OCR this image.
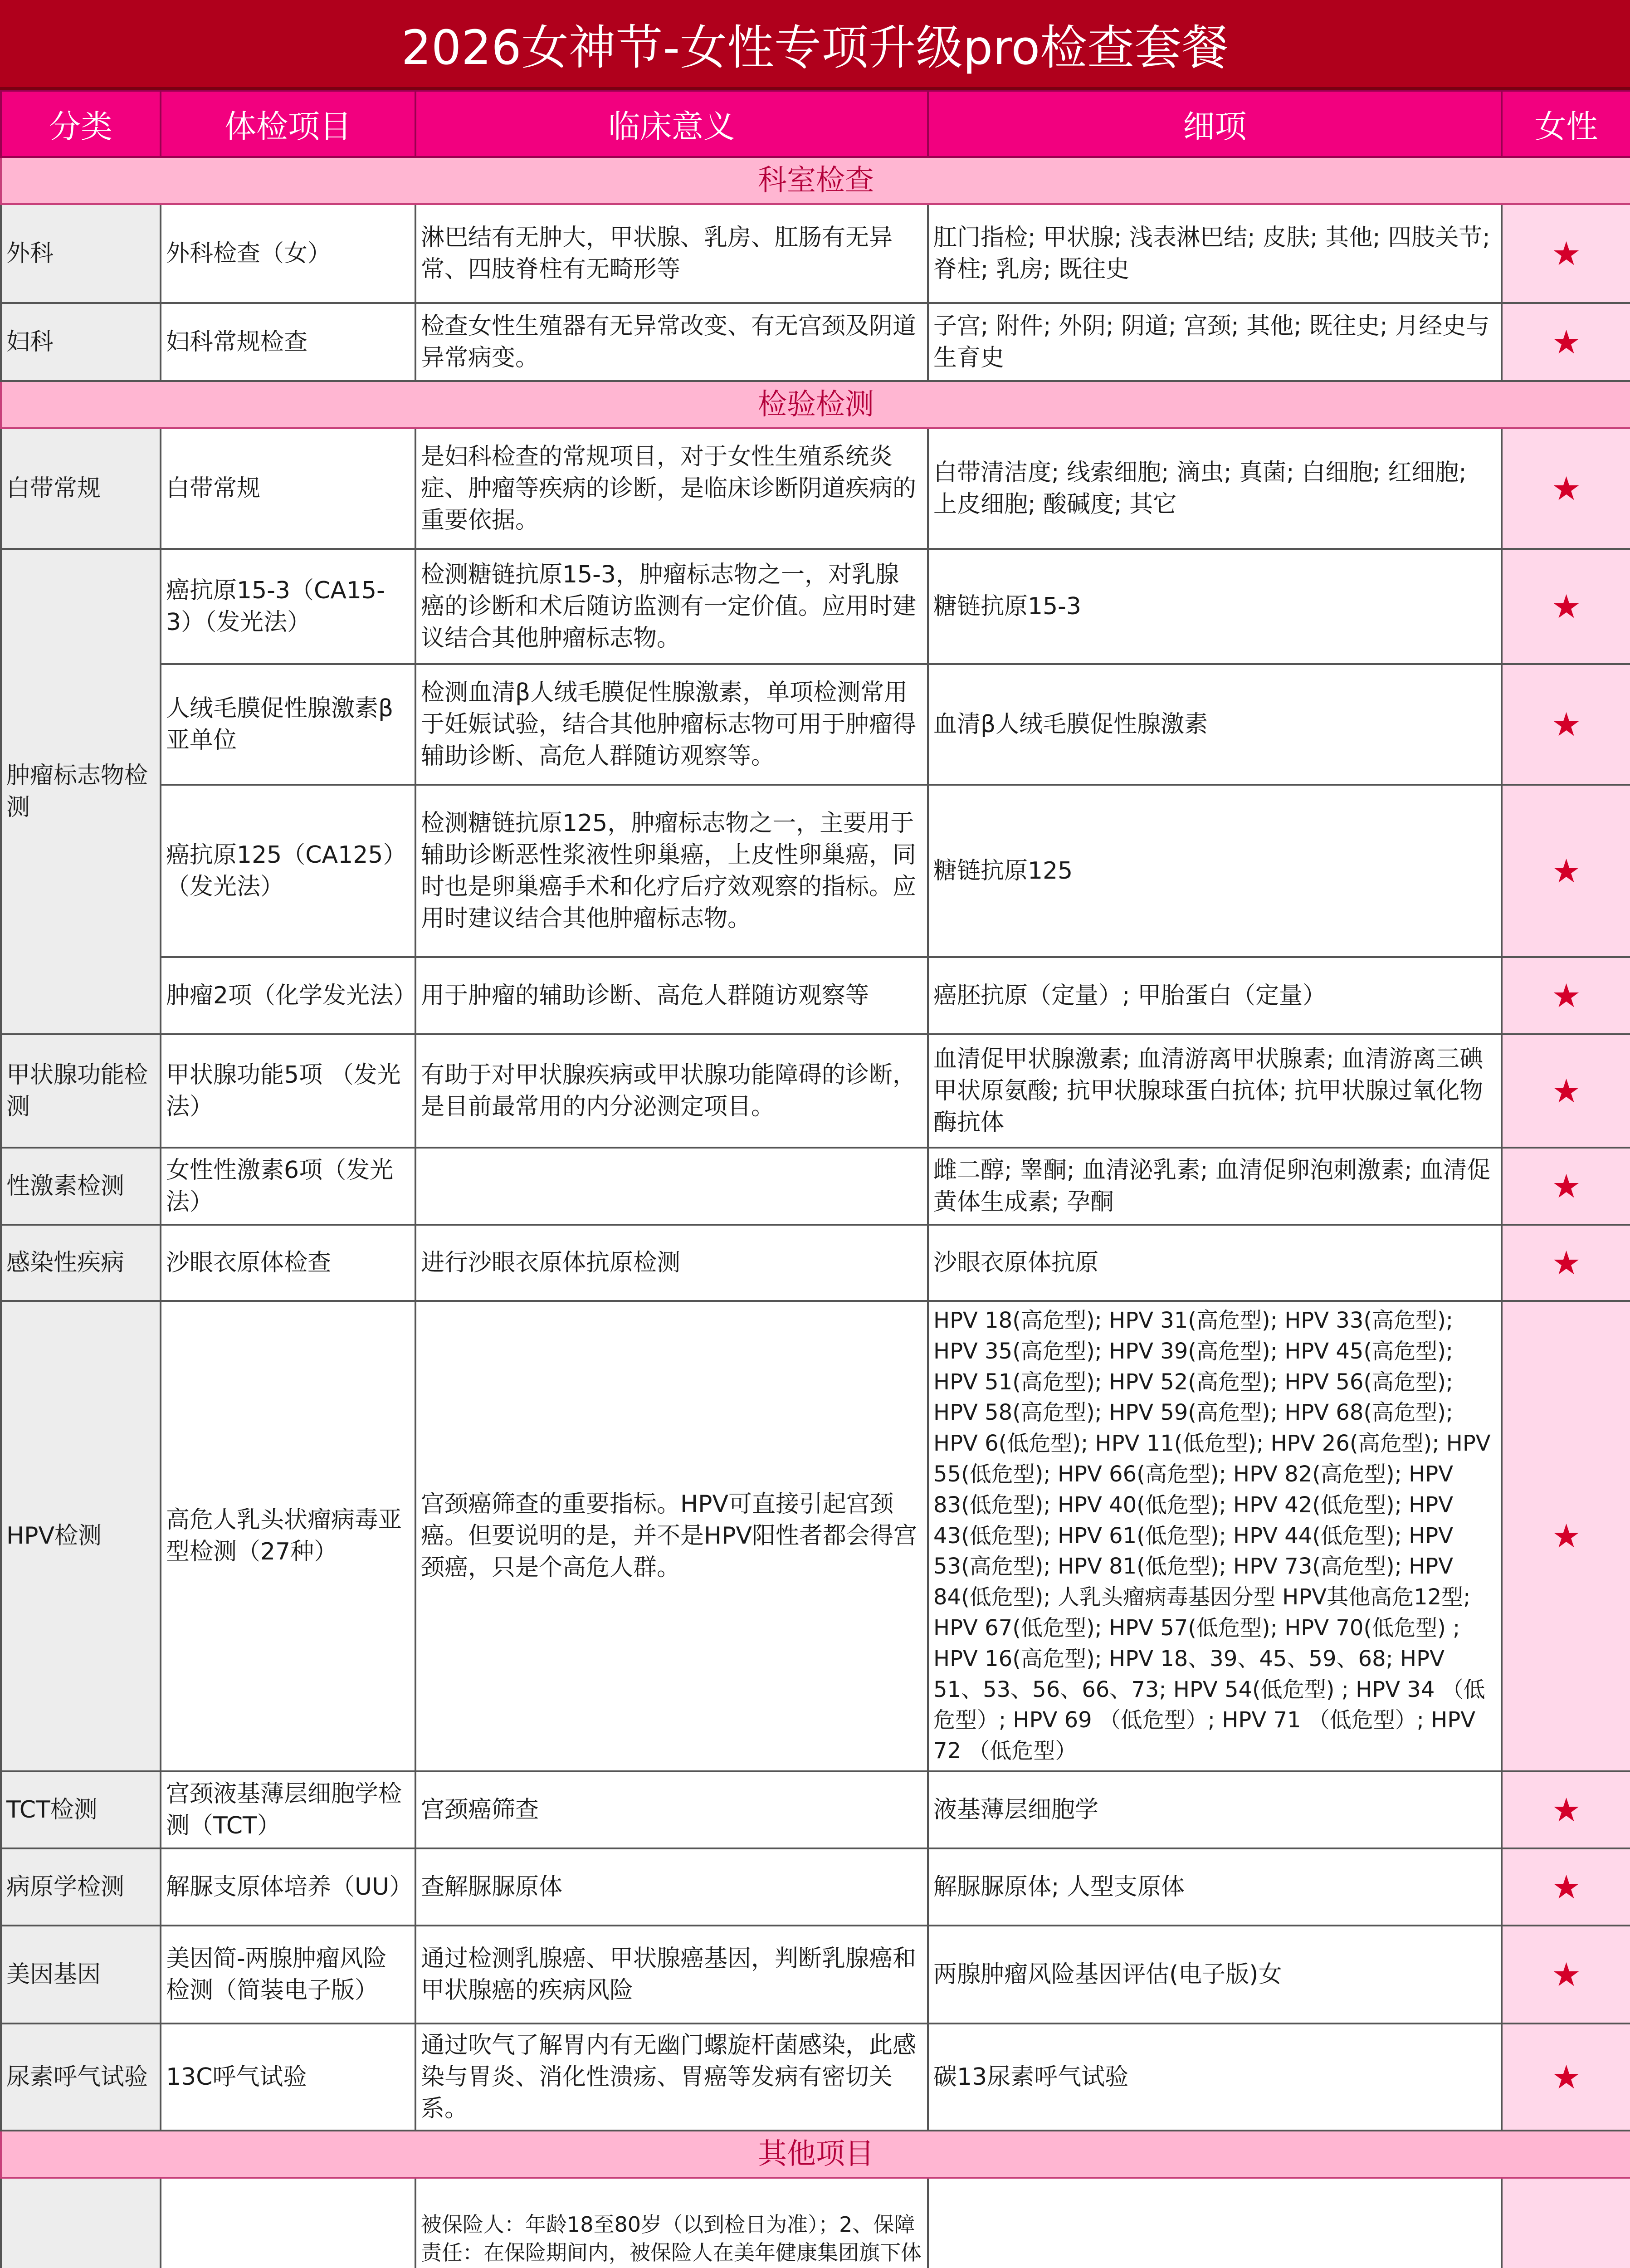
2026女神节-女性专项升级pro检查套餐
分类	体检项目	临床意义	细项	女性
科室检查				
外科	外科检查（女）	淋巴结有无肿大，甲状腺、乳房、肛肠有无异常、四肢脊柱有无畸形等	肛门指检; 甲状腺; 浅表淋巴结; 皮肤; 其他; 四肢关节; 脊柱; 乳房; 既往史	★
妇科	妇科常规检查	检查女性生殖器有无异常改变、有无宫颈及阴道异常病变。	子宫; 附件; 外阴; 阴道; 宫颈; 其他; 既往史; 月经史与生育史	★
检验检测				
白带常规	白带常规	是妇科检查的常规项目，对于女性生殖系统炎症、肿瘤等疾病的诊断，是临床诊断阴道疾病的重要依据。	白带清洁度; 线索细胞; 滴虫; 真菌; 白细胞; 红细胞; 上皮细胞; 酸碱度; 其它	★
肿瘤标志物检测	癌抗原15-3（CA15-3）（发光法）	检测糖链抗原15-3，肿瘤标志物之一，对乳腺癌的诊断和术后随访监测有一定价值。应用时建议结合其他肿瘤标志物。	糖链抗原15-3	★
	人绒毛膜促性腺激素β亚单位	检测血清β人绒毛膜促性腺激素，单项检测常用于妊娠试验，结合其他肿瘤标志物可用于肿瘤得辅助诊断、高危人群随访观察等。	血清β人绒毛膜促性腺激素	★
	癌抗原125（CA125）（发光法）	检测糖链抗原125，肿瘤标志物之一，主要用于辅助诊断恶性浆液性卵巢癌，上皮性卵巢癌，同时也是卵巢癌手术和化疗后疗效观察的指标。应用时建议结合其他肿瘤标志物。	糖链抗原125	★
	肿瘤2项（化学发光法）	用于肿瘤的辅助诊断、高危人群随访观察等	癌胚抗原（定量）; 甲胎蛋白（定量）	★
甲状腺功能检测	甲状腺功能5项 （发光法）	有助于对甲状腺疾病或甲状腺功能障碍的诊断，是目前最常用的内分泌测定项目。	血清促甲状腺激素; 血清游离甲状腺素; 血清游离三碘甲状原氨酸; 抗甲状腺球蛋白抗体; 抗甲状腺过氧化物酶抗体	★
性激素检测	女性性激素6项（发光法）		雌二醇; 睾酮; 血清泌乳素; 血清促卵泡刺激素; 血清促黄体生成素; 孕酮	★
感染性疾病	沙眼衣原体检查	进行沙眼衣原体抗原检测	沙眼衣原体抗原	★
HPV检测	高危人乳头状瘤病毒亚型检测（27种）	宫颈癌筛查的重要指标。HPV可直接引起宫颈癌。但要说明的是，并不是HPV阳性者都会得宫颈癌，只是个高危人群。	HPV 18(高危型); HPV 31(高危型); HPV 33(高危型); HPV 35(高危型); HPV 39(高危型); HPV 45(高危型); HPV 51(高危型); HPV 52(高危型); HPV 56(高危型); HPV 58(高危型); HPV 59(高危型); HPV 68(高危型); HPV 6(低危型); HPV 11(低危型); HPV 26(高危型); HPV 55(低危型); HPV 66(高危型); HPV 82(高危型); HPV 83(低危型); HPV 40(低危型); HPV 42(低危型); HPV 43(低危型); HPV 61(低危型); HPV 44(低危型); HPV 53(高危型); HPV 81(低危型); HPV 73(高危型); HPV 84(低危型); 人乳头瘤病毒基因分型 HPV其他高危12型; HPV 67(低危型); HPV 57(低危型); HPV 70(低危型) ; HPV 16(高危型); HPV 18、39、45、59、68; HPV 51、53、56、66、73; HPV 54(低危型) ; HPV 34 （低危型）; HPV 69 （低危型）; HPV 71 （低危型）; HPV 72 （低危型）	★
TCT检测	宫颈液基薄层细胞学检测（TCT）	宫颈癌筛查	液基薄层细胞学	★
病原学检测	解脲支原体培养（UU）	查解脲脲原体	解脲脲原体; 人型支原体	★
美因基因	美因简-两腺肿瘤风险检测（简装电子版）	通过检测乳腺癌、甲状腺癌基因，判断乳腺癌和甲状腺癌的疾病风险	两腺肿瘤风险基因评估(电子版)女	★
尿素呼气试验	13C呼气试验	通过吹气了解胃内有无幽门螺旋杆菌感染，此感染与胃炎、消化性溃疡、胃癌等发病有密切关系。	碳13尿素呼气试验	★
其他项目				
		被保险人：年龄18至80岁（以到检日为准）；2、保障责任：在保险期间内，被保险人在美年健康集团旗下体		
